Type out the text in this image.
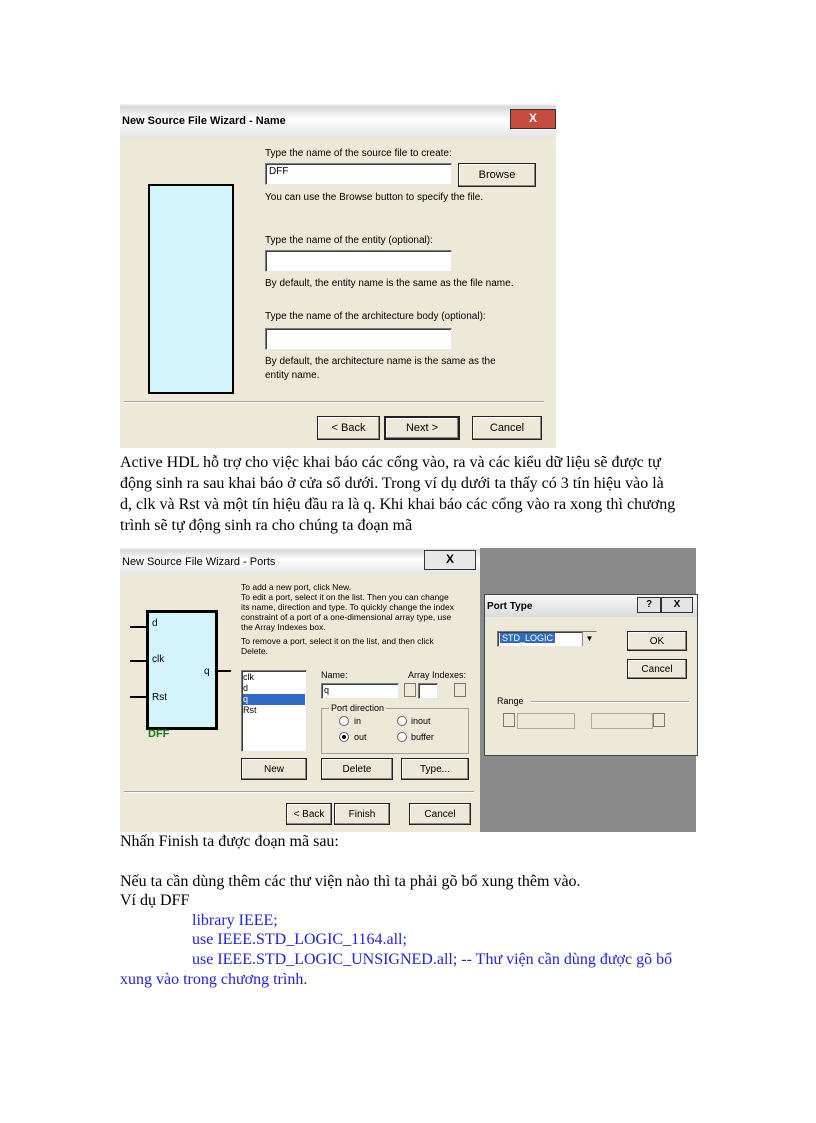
New Source File Wizard - Name	X
Type the name of the source file to create:
DFF	Browse
You can use the Browse button to specify the file.
Type the name of the entity (optional):
By default, the entity name is the same as the file name.
Type the name of the architecture body (optional):
By default, the architecture name is the same as the
entity name.
< Back	Next >	Cancel
Active HDL hỗ trợ cho việc khai báo các cổng vào, ra và các kiểu dữ liệu sẽ được tự
động sinh ra sau khai báo ở cửa sổ dưới. Trong ví dụ dưới ta thấy có 3 tín hiệu vào là
d, clk và Rst và một tín hiệu đầu ra là q. Khi khai báo các cổng vào ra xong thì chương
trình sẽ tự động sinh ra cho chúng ta đoạn mã
New Source File Wizard - Ports	X
d
clk
Rst
q
DFF
To add a new port, click New.
To edit a port, select it on the list. Then you can change
its name, direction and type. To quickly change the index
constraint of a port of a one-dimensional array type, use
the Array Indexes box.
To remove a port, select it on the list, and then click
Delete.
clk
d
q
Rst
Name:	Array Indexes:
q
Port direction
in
out
inout
buffer
New	Delete	Type...
< Back	Finish	Cancel
Port Type	?	X
STD_LOGIC	▼	OK
Cancel
Range
Nhấn Finish ta được đoạn mã sau:
Nếu ta cần dùng thêm các thư viện nào thì ta phải gõ bổ xung thêm vào.
Ví dụ DFF
library IEEE;
use IEEE.STD_LOGIC_1164.all;
use IEEE.STD_LOGIC_UNSIGNED.all; -- Thư viện cần dùng được gõ bổ
xung vào trong chương trình.
